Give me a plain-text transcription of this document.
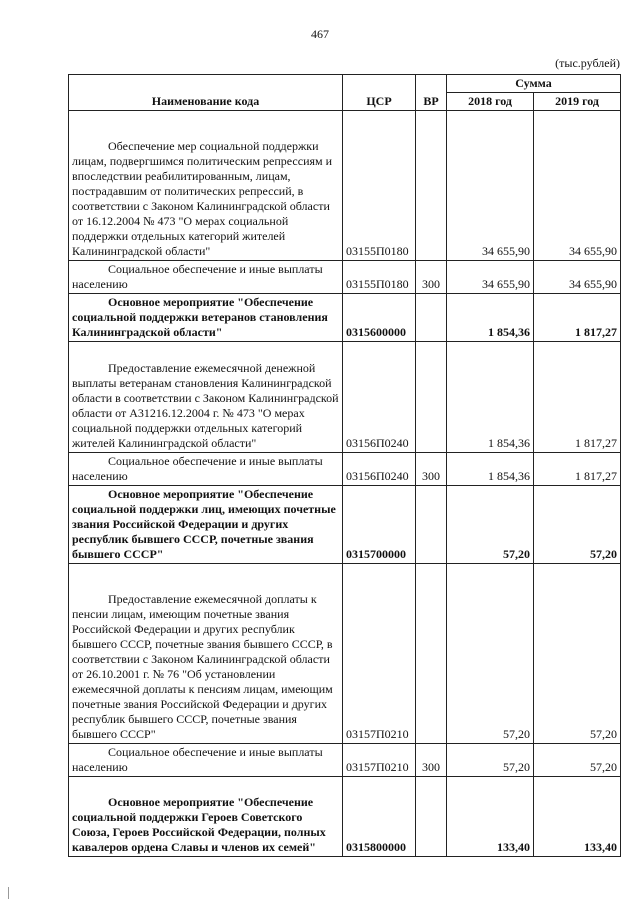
467
(тыс.рублей)
Наименование кода	ЦСР	ВР	Сумма	
			2018 год	2019 год
Обеспечение мер социальной поддержки лицам, подвергшимся политическим репрессиям и впоследствии реабилитированным, лицам, пострадавшим от политических репрессий, в соответствии с Законом Калининградской области от 16.12.2004 № 473 "О мерах социальной поддержки отдельных категорий жителей Калининградской области"	03155П0180		34 655,90	34 655,90
Социальное обеспечение и иные выплаты населению	03155П0180	300	34 655,90	34 655,90
Основное мероприятие "Обеспечение социальной поддержки ветеранов становления Калининградской области"	0315600000		1 854,36	1 817,27
Предоставление ежемесячной денежной выплаты ветеранам становления Калининградской области в соответствии с Законом Калининградской области от А31216.12.2004 г. № 473 "О мерах социальной поддержки отдельных категорий жителей Калининградской области"	03156П0240		1 854,36	1 817,27
Социальное обеспечение и иные выплаты населению	03156П0240	300	1 854,36	1 817,27
Основное мероприятие "Обеспечение социальной поддержки лиц, имеющих почетные звания Российской Федерации и других республик бывшего СССР, почетные звания бывшего СССР"	0315700000		57,20	57,20
Предоставление ежемесячной доплаты к пенсии лицам, имеющим почетные звания Российской Федерации и других республик бывшего СССР, почетные звания бывшего СССР, в соответствии с Законом Калининградской области от 26.10.2001 г. № 76 "Об установлении ежемесячной доплаты к пенсиям лицам, имеющим почетные звания Российской Федерации и других республик бывшего СССР, почетные звания бывшего СССР"	03157П0210		57,20	57,20
Социальное обеспечение и иные выплаты населению	03157П0210	300	57,20	57,20
Основное мероприятие "Обеспечение социальной поддержки Героев Советского Союза, Героев Российской Федерации, полных кавалеров ордена Славы и членов их семей"	0315800000		133,40	133,40
